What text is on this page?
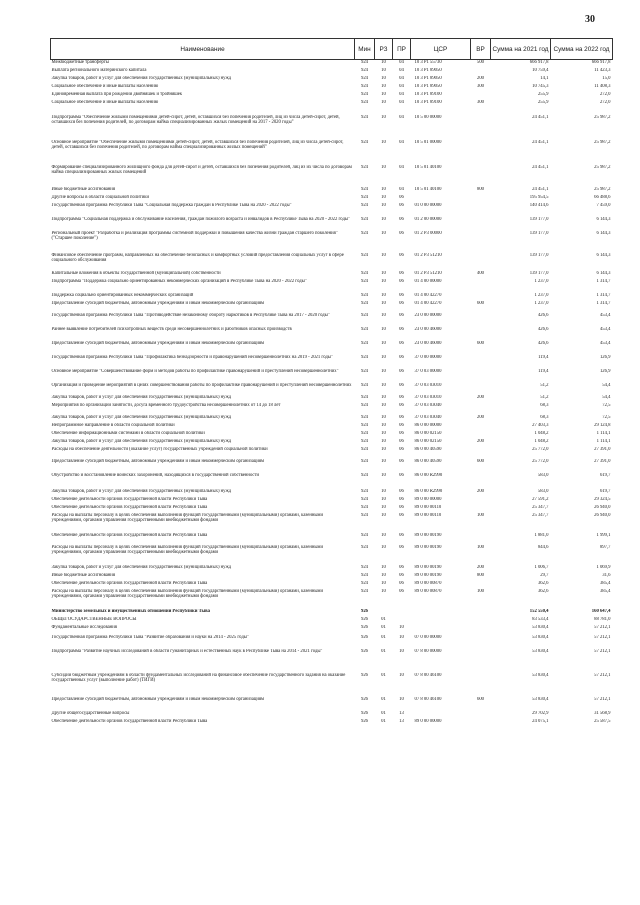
30
Наименование	Мин	РЗ	ПР	ЦСР	ВР	Сумма на 2021 год	Сумма на 2022 год
Межбюджетные трансферты	924	10	04	10 3 P1 55730	500	666 917,8	666 917,8
Выплата регионального материнского капитала	924	10	04	10 3 P1 89050		10 759,4	11 423,3
Закупка товаров, работ и услуг для обеспечения государственных (муниципальных) нужд	924	10	04	10 3 P1 89050	200	14,1	15,0
Социальное обеспечение и иные выплаты населению	924	10	04	10 3 P1 89050	300	10 745,3	11 408,3
Единовременная выплата при рождении двойняшек и тройняшек	924	10	04	10 3 P1 89100		255,9	272,0
Социальное обеспечение и иные выплаты населению	924	10	04	10 3 P1 89100	300	255,9	272,0
Подпрограмма "Обеспечение жилыми помещениями детей-сирот, детей, оставшихся без попечения родителей, лиц из числа детей-сирот, детей, оставшихся без попечения родителей, по договорам найма специализированных жилых помещений на 2017 - 2020 годы"	924	10	04	10 5 00 00000		24 451,1	25 987,2
Основное мероприятие "Обеспечение жилыми помещениями детей-сирот, детей, оставшихся без попечения родителей, лиц из числа детей-сирот, детей, оставшихся без попечения родителей, по договорам найма специализированных жилых помещений"	924	10	04	10 5 01 00000		24 451,1	25 987,2
Формирование специализированного жилищного фонда для детей-сирот и детей, оставшихся без попечения родителей, лиц из их числа по договорам найма специализированных жилых помещений	924	10	04	10 5 01 40100		24 451,1	25 987,2
Иные бюджетные ассигнования	924	10	04	10 5 01 40100	800	24 451,1	25 987,2
Другие вопросы в области социальной политики	924	10	06			195 954,5	66 488,6
Государственная программа Республики Тыва "Социальная поддержка граждан в Республике Тыва на 2020 - 2022 годы"	924	10	06	01 0 00 00000		140 414,6	7 459,0
Подпрограмма "Социальная поддержка и обслуживание населения, граждан пожилого возраста и инвалидов в Республике Тыва на 2020 - 2022 годы"	924	10	06	01 2 00 00000		139 177,0	6 144,3
Региональный проект "Разработка и реализация программы системной поддержки и повышения качества жизни граждан старшего поколения" ("Старшее поколение")	924	10	06	01 2 P3 00000		139 177,0	6 144,3
Финансовое обеспечение программ, направленных на обеспечение безопасных и комфортных условий предоставления социальных услуг в сфере социального обслуживания	924	10	06	01 2 P3 51210		139 177,0	6 144,3
Капитальные вложения в объекты государственной (муниципальной) собственности	924	10	06	01 2 P3 51210	400	139 177,0	6 144,3
Подпрограмма "Поддержка социально ориентированных некоммерческих организаций в Республике Тыва на 2020 - 2022 годы"	924	10	06	01 4 00 00000		1 237,0	1 314,7
Поддержка социально ориентированных некоммерческих организаций	924	10	06	01 4 00 42270		1 237,0	1 314,7
Предоставление субсидий бюджетным, автономным учреждениям и иным некоммерческим организациям	924	10	06	01 4 00 42270	600	1 237,0	1 314,7
Государственная программа Республики Тыва "Противодействие незаконному обороту наркотиков в Республике Тыва на 2017 - 2020 годы"	924	10	06	23 0 00 00000		426,6	453,4
Раннее выявление потребителей психотропных веществ среди несовершеннолетних и работников опасных производств	924	10	06	23 0 00 46000		426,6	453,4
Предоставление субсидий бюджетным, автономным учреждениям и иным некоммерческим организациям	924	10	06	23 0 00 46000	600	426,6	453,4
Государственная программа Республики Тыва "Профилактика безнадзорности и правонарушений несовершеннолетних на 2019 - 2021 годы"	924	10	06	37 0 00 00000		119,4	126,9
Основное мероприятие "Совершенствование форм и методов работы по профилактике правонарушений и преступлений несовершеннолетних"	924	10	06	37 0 03 00000		119,4	126,9
Организация и проведение мероприятий в целях совершенствования работы по профилактике правонарушений и преступлений несовершеннолетних	924	10	06	37 0 03 03010		51,2	54,4
Закупка товаров, работ и услуг для обеспечения государственных (муниципальных) нужд	924	10	06	37 0 03 03010	200	51,2	54,4
Мероприятия по организации занятости, досуга временного трудоустройства несовершеннолетних от 14 до 18 лет	924	10	06	37 0 03 03040		68,3	72,5
Закупка товаров, работ и услуг для обеспечения государственных (муниципальных) нужд	924	10	06	37 0 03 03040	200	68,3	72,5
Непрограммное направление в области социальной политики	924	10	06	86 0 00 00000		27 403,3	29 124,8
Обеспечение информационными системами в области социальной политики	924	10	06	86 0 00 02150		1 048,2	1 114,1
Закупка товаров, работ и услуг для обеспечения государственных (муниципальных) нужд	924	10	06	86 0 00 02150	200	1 048,2	1 114,1
Расходы на обеспечение деятельности (оказание услуг) государственных учреждений социальной политики	924	10	06	86 0 00 40590		25 772,0	27 391,0
Предоставление субсидий бюджетным, автономным учреждениям и иным некоммерческим организациям	924	10	06	86 0 00 40590	600	25 772,0	27 391,0
Обустройство и восстановление воинских захоронений, находящихся в государственной собственности	924	10	06	86 0 00 R2990		583,0	619,7
Закупка товаров, работ и услуг для обеспечения государственных (муниципальных) нужд	924	10	06	86 0 00 R2990	200	583,0	619,7
Обеспечение деятельности органов государственной власти Республики Тыва	924	10	06	89 0 00 00000		27 591,2	29 324,5
Обеспечение деятельности органов государственной власти Республики Тыва	924	10	06	89 0 00 00110		25 347,7	26 940,0
Расходы на выплаты персоналу в целях обеспечения выполнения функций государственными (муниципальными) органами, казенными учреждениями, органами управления государственными внебюджетными фондами	924	10	06	89 0 00 00110	100	25 347,7	26 940,0
Обеспечение деятельности органов государственной власти Республики Тыва	924	10	06	89 0 00 00190		1 881,0	1 999,1
Расходы на выплаты персоналу в целях обеспечения выполнения функций государственными (муниципальными) органами, казенными учреждениями, органами управления государственными внебюджетными фондами	924	10	06	89 0 00 00190	100	844,6	897,7
Закупка товаров, работ и услуг для обеспечения государственных (муниципальных) нужд	924	10	06	89 0 00 00190	200	1 006,7	1 069,9
Иные бюджетные ассигнования	924	10	06	89 0 00 00190	800	29,7	31,6
Обеспечение деятельности органов государственной власти Республики Тыва	924	10	06	89 0 00 00870		362,6	385,4
Расходы на выплаты персоналу в целях обеспечения выполнения функций государственными (муниципальными) органами, казенными учреждениями, органами управления государственными внебюджетными фондами	924	10	06	89 0 00 00870	100	362,6	385,4
Министерство земельных и имущественных отношений Республики Тыва	926					152 550,4	160 647,4
ОБЩЕГОСУДАРСТВЕННЫЕ ВОПРОСЫ	926	01				83 533,4	88 781,0
Фундаментальные исследования	926	01	10			53 830,4	57 212,1
Государственная программа Республики Тыва "Развитие образования и науки на 2014 - 2025 годы"	926	01	10	07 0 00 00000		53 830,4	57 212,1
Подпрограмма "Развитие научных исследований в области гуманитарных и естественных наук в Республике Тыва на 2014 - 2021 годы"	926	01	10	07 8 00 00000		53 830,4	57 212,1
Субсидии бюджетным учреждениям в области фундаментальных исследований на финансовое обеспечение государственного задания на оказание государственных услуг (выполнение работ) (ТИГИ)	926	01	10	07 8 00 46100		53 830,4	57 212,1
Предоставление субсидий бюджетным, автономным учреждениям и иным некоммерческим организациям	926	01	10	07 8 00 46100	600	53 830,4	57 212,1
Другие общегосударственные вопросы	926	01	13			29 702,9	31 568,9
Обеспечение деятельности органов государственной власти Республики Тыва	926	01	13	89 0 00 00000		24 075,1	25 587,5
